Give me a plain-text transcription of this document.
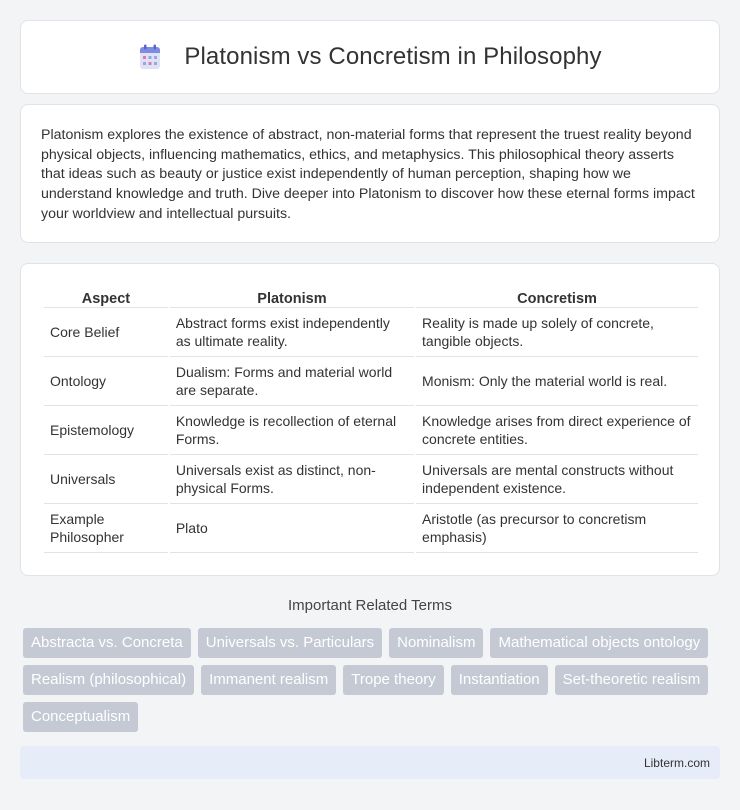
Platonism vs Concretism in Philosophy

Platonism explores the existence of abstract, non-material forms that represent the truest reality beyond physical objects, influencing mathematics, ethics, and metaphysics. This philosophical theory asserts that ideas such as beauty or justice exist independently of human perception, shaping how we understand knowledge and truth. Dive deeper into Platonism to discover how these eternal forms impact your worldview and intellectual pursuits.

Aspect	Platonism	Concretism
Core Belief	Abstract forms exist independently as ultimate reality.	Reality is made up solely of concrete, tangible objects.
Ontology	Dualism: Forms and material world are separate.	Monism: Only the material world is real.
Epistemology	Knowledge is recollection of eternal Forms.	Knowledge arises from direct experience of concrete entities.
Universals	Universals exist as distinct, non-physical Forms.	Universals are mental constructs without independent existence.
Example Philosopher	Plato	Aristotle (as precursor to concretism emphasis)
Important Related Terms
Abstracta vs. Concreta	Universals vs. Particulars	Nominalism	Mathematical objects ontology
Realism (philosophical)	Immanent realism	Trope theory	Instantiation	Set-theoretic realism
Conceptualism
Libterm.com
